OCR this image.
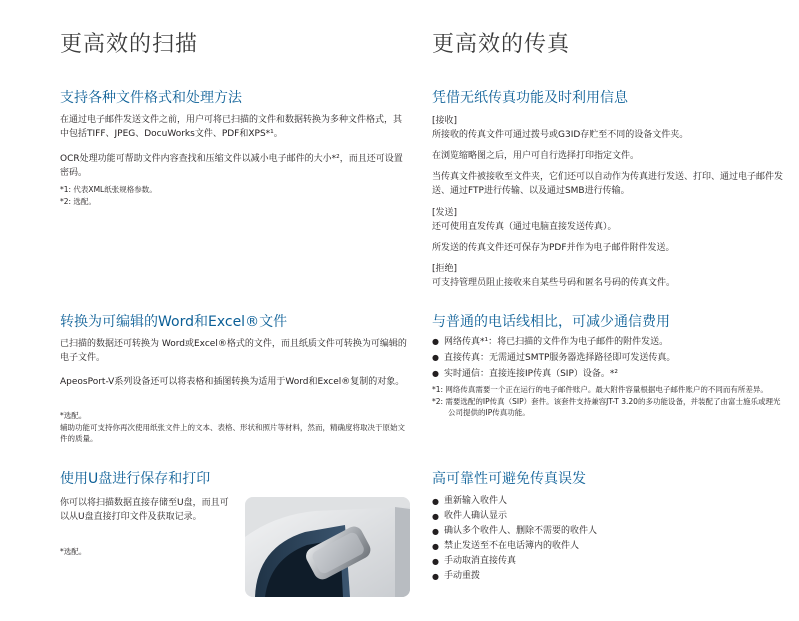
更高效的扫描
支持各种文件格式和处理方法
在通过电子邮件发送文件之前，用户可将已扫描的文件和数据转换为多种文件格式，其中包括TIFF、JPEG、DocuWorks文件、PDF和XPS*¹。
OCR处理功能可帮助文件内容查找和压缩文件以减小电子邮件的大小*²，而且还可设置密码。
*1: 代表XML纸张规格参数。
*2: 选配。
转换为可编辑的Word和Excel®文件
已扫描的数据还可转换为 Word或Excel®格式的文件，而且纸质文件可转换为可编辑的电子文件。
ApeosPort-V系列设备还可以将表格和插图转换为适用于Word和Excel®复制的对象。
*选配。
辅助功能可支持你再次使用纸张文件上的文本、表格、形状和照片等材料，然而，精确度将取决于原始文件的质量。
使用U盘进行保存和打印
你可以将扫描数据直接存储至U盘，而且可以从U盘直接打印文件及获取记录。
*选配。
更高效的传真
凭借无纸传真功能及时利用信息
[接收]
所接收的传真文件可通过拨号或G3ID存贮至不同的设备文件夹。
在浏览缩略图之后，用户可自行选择打印指定文件。
当传真文件被接收至文件夹，它们还可以自动作为传真进行发送、打印、通过电子邮件发送、通过FTP进行传输、以及通过SMB进行传输。
[发送]
还可使用直发传真（通过电脑直接发送传真）。
所发送的传真文件还可保存为PDF并作为电子邮件附件发送。
[拒绝]
可支持管理员阻止接收来自某些号码和匿名号码的传真文件。
与普通的电话线相比，可减少通信费用
● 网络传真*¹：将已扫描的文件作为电子邮件的附件发送。
● 直接传真：无需通过SMTP服务器选择路径即可发送传真。
● 实时通信：直接连接IP传真（SIP）设备。*²
*1: 网络传真需要一个正在运行的电子邮件账户。最大附件容量根据电子邮件账户的不同而有所差异。
*2: 需要选配的IP传真（SIP）套件。该套件支持兼容JT-T 3.20的多功能设备，并装配了由富士施乐或理光公司提供的IP传真功能。
高可靠性可避免传真误发
● 重新输入收件人
● 收件人确认显示
● 确认多个收件人、删除不需要的收件人
● 禁止发送至不在电话簿内的收件人
● 手动取消直接传真
● 手动重拨
